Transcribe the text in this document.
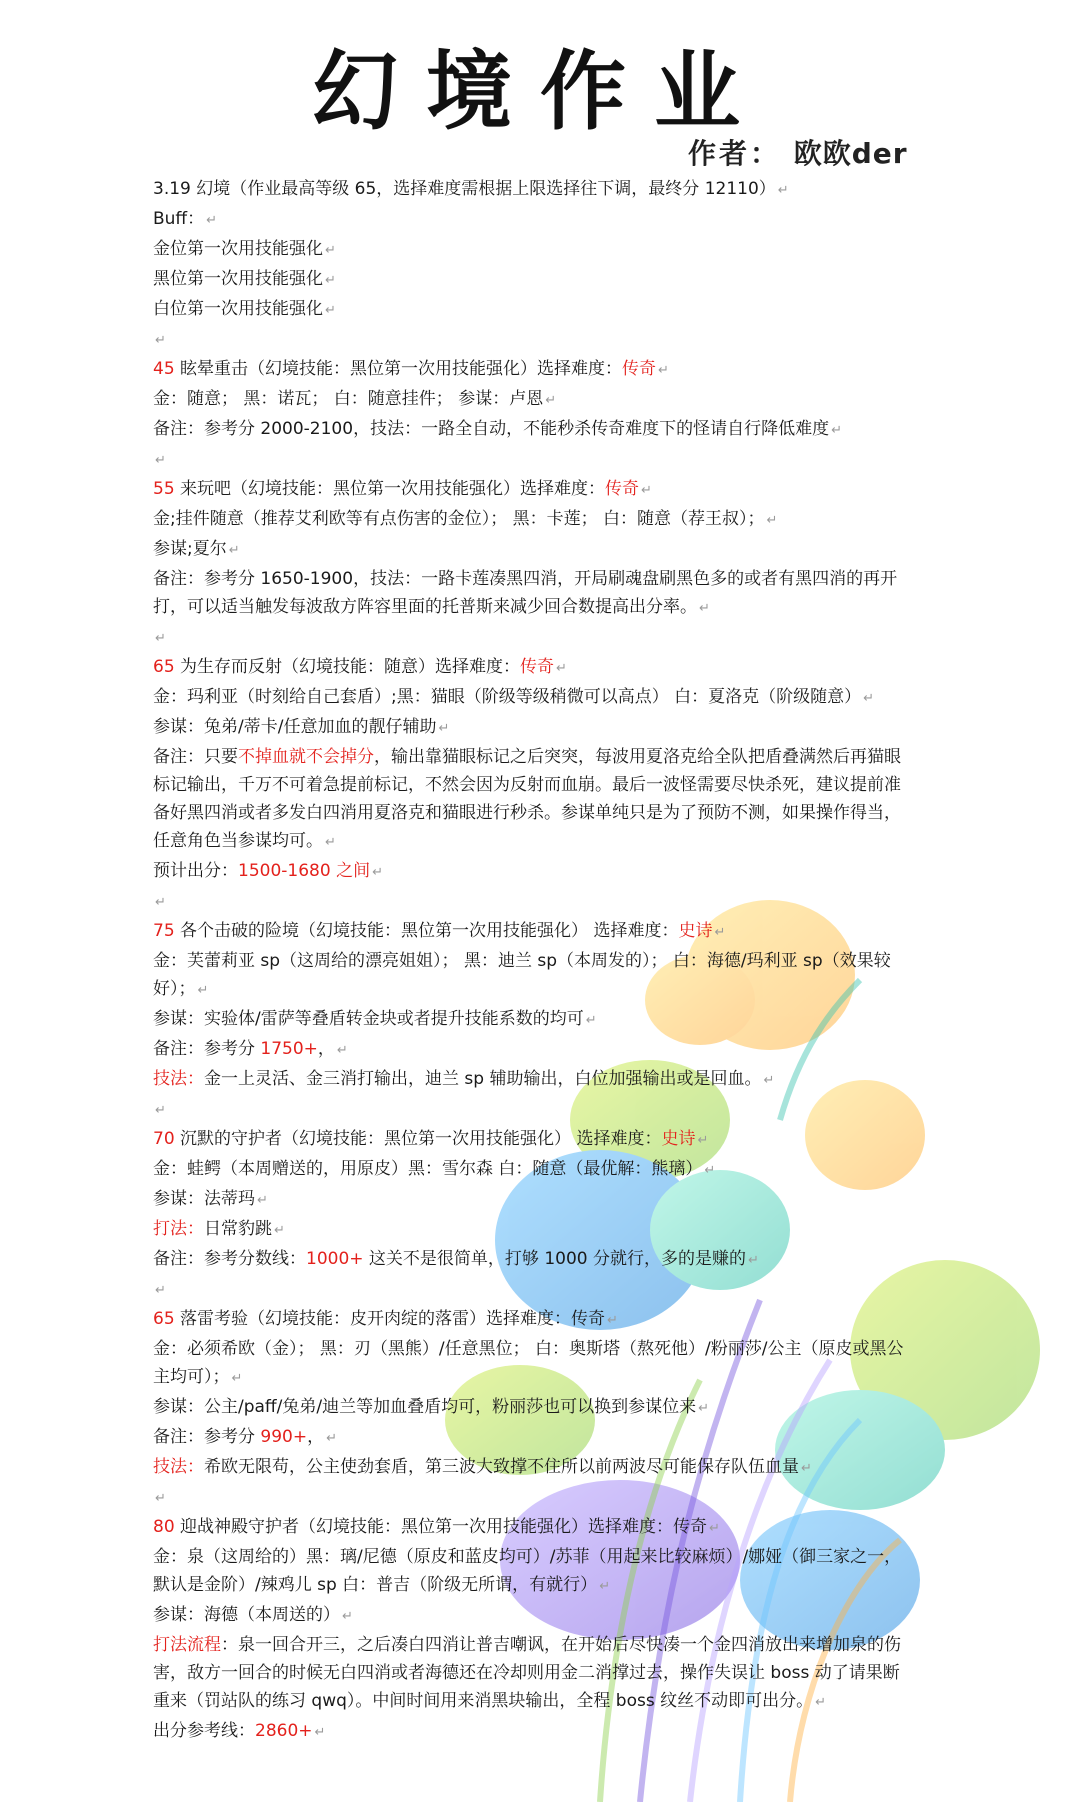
幻境作业
作者： 欧欧der

3.19 幻境（作业最高等级 65，选择难度需根据上限选择往下调，最终分 12110） ↵

Buff： ↵

金位第一次用技能强化 ↵

黑位第一次用技能强化 ↵

白位第一次用技能强化 ↵

↵

45 眩晕重击（幻境技能：黑位第一次用技能强化）选择难度：传奇 ↵

金：随意； 黑：诺瓦； 白：随意挂件； 参谋：卢恩 ↵

备注：参考分 2000-2100，技法：一路全自动，不能秒杀传奇难度下的怪请自行降低难度 ↵

↵

55 来玩吧（幻境技能：黑位第一次用技能强化）选择难度：传奇 ↵

金;挂件随意（推荐艾利欧等有点伤害的金位）； 黑：卡莲； 白：随意（荐王叔）； ↵

参谋;夏尔 ↵

备注：参考分 1650-1900，技法：一路卡莲凑黑四消，开局刷魂盘刷黑色多的或者有黑四消的再开打，可以适当触发每波敌方阵容里面的托普斯来减少回合数提高出分率。 ↵

↵

65 为生存而反射（幻境技能：随意）选择难度：传奇 ↵

金：玛利亚（时刻给自己套盾）;黑：猫眼（阶级等级稍微可以高点） 白：夏洛克（阶级随意） ↵

参谋：兔弟/蒂卡/任意加血的靓仔辅助 ↵

备注：只要不掉血就不会掉分，输出靠猫眼标记之后突突，每波用夏洛克给全队把盾叠满然后再猫眼标记输出，千万不可着急提前标记，不然会因为反射而血崩。最后一波怪需要尽快杀死，建议提前准备好黑四消或者多发白四消用夏洛克和猫眼进行秒杀。参谋单纯只是为了预防不测，如果操作得当，任意角色当参谋均可。 ↵

预计出分：1500-1680 之间 ↵

↵

75 各个击破的险境（幻境技能：黑位第一次用技能强化） 选择难度：史诗 ↵

金：芙蕾莉亚 sp（这周给的漂亮姐姐）； 黑：迪兰 sp（本周发的）； 白：海德/玛利亚 sp（效果较好）； ↵

参谋：实验体/雷萨等叠盾转金块或者提升技能系数的均可 ↵

备注：参考分 1750+， ↵

技法：金一上灵活、金三消打输出，迪兰 sp 辅助输出，白位加强输出或是回血。 ↵

↵

70 沉默的守护者（幻境技能：黑位第一次用技能强化） 选择难度：史诗 ↵

金：蛙鳄（本周赠送的，用原皮）黑：雪尔森 白：随意（最优解：熊璃） ↵

参谋：法蒂玛 ↵

打法：日常豹跳 ↵

备注：参考分数线：1000+ 这关不是很简单，打够 1000 分就行，多的是赚的 ↵

↵

65 落雷考验（幻境技能：皮开肉绽的落雷）选择难度：传奇 ↵

金：必须希欧（金）； 黑：刃（黑熊）/任意黑位； 白：奥斯塔（熬死他）/粉丽莎/公主（原皮或黑公主均可）； ↵

参谋：公主/paff/兔弟/迪兰等加血叠盾均可，粉丽莎也可以换到参谋位来 ↵

备注：参考分 990+， ↵

技法：希欧无限苟，公主使劲套盾，第三波大致撑不住所以前两波尽可能保存队伍血量 ↵

↵

80 迎战神殿守护者（幻境技能：黑位第一次用技能强化）选择难度：传奇 ↵

金：泉（这周给的）黑：璃/尼德（原皮和蓝皮均可）/苏菲（用起来比较麻烦）/娜娅（御三家之一，默认是金阶）/辣鸡儿 sp 白：普吉（阶级无所谓，有就行） ↵

参谋：海德（本周送的） ↵

打法流程：泉一回合开三，之后凑白四消让普吉嘲讽，在开始后尽快凑一个金四消放出来增加泉的伤害，敌方一回合的时候无白四消或者海德还在冷却则用金二消撑过去，操作失误让 boss 动了请果断重来（罚站队的练习 qwq）。中间时间用来消黑块输出，全程 boss 纹丝不动即可出分。 ↵

出分参考线：2860+ ↵
